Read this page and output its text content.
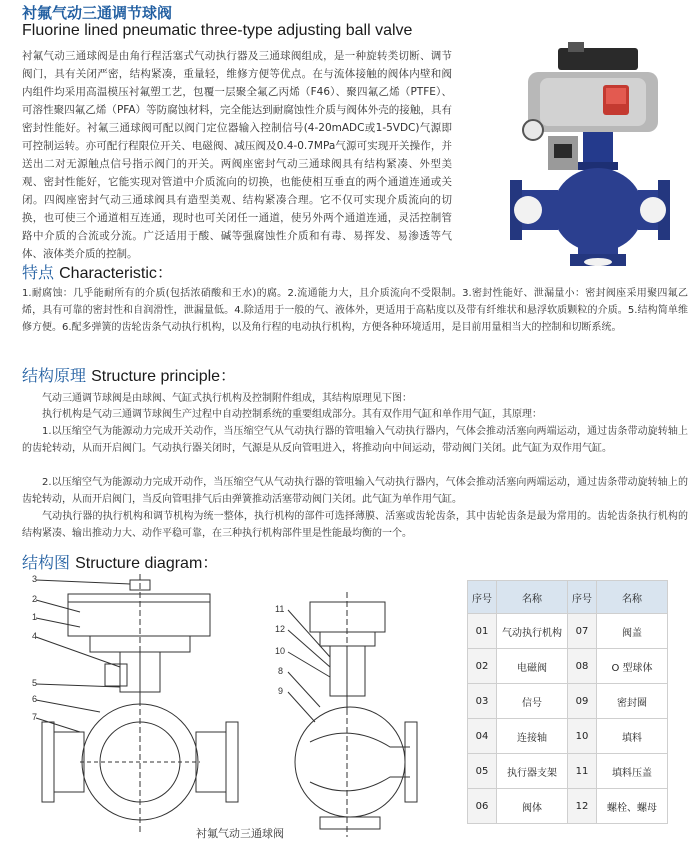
衬氟气动三通调节球阀
Fluorine lined pneumatic three-type adjusting ball valve
衬氟气动三通球阀是由角行程活塞式气动执行器及三通球阀组成，是一种旋转类切断、调节阀门，具有关闭严密，结构紧凑，重量轻，维修方便等优点。在与流体接触的阀体内壁和阀内组件均采用高温模压衬氟塑工艺，包覆一层聚全氟乙丙烯（F46）、聚四氟乙烯（PTFE）、可溶性聚四氟乙烯（PFA）等防腐蚀材料，完全能达到耐腐蚀性介质与阀体外壳的接触，具有密封性能好。衬氟三通球阀可配以阀门定位器输入控制信号(4-20mADC或1-5VDC)气源即可控制运转。亦可配行程限位开关、电磁阀、减压阀及0.4-0.7MPa气源可实现开关操作，并送出二对无源触点信号指示阀门的开关。两阀座密封气动三通球阀具有结构紧凑、外型美观、密封性能好，它能实现对管道中介质流向的切换，也能使相互垂直的两个通道连通或关闭。四阀座密封气动三通球阀具有造型美观、结构紧凑合理。它不仅可实现介质流向的切换，也可使三个通道相互连通，现时也可关闭任一通道，使另外两个通道连通，灵活控制管路中介质的合流或分流。广泛适用于酸、碱等强腐蚀性介质和有毒、易挥发、易渗透等气体、液体类介质的控制。
特点 Characteristic：
1.耐腐蚀：几乎能耐所有的介质(包括浓硝酸和王水)的腐。2.流通能力大，且介质流向不受限制。3.密封性能好、泄漏量小：密封阀座采用聚四氟乙烯，具有可靠的密封性和自润滑性，泄漏量低。4.除适用于一般的气、液体外，更适用于高粘度以及带有纤维状和悬浮软质颗粒的介质。5.结构简单维修方便。6.配多弹簧的齿轮齿条气动执行机构，以及角行程的电动执行机构，方便各种环境适用，是目前用量相当大的控制和切断系统。
结构原理 Structure principle：
气动三通调节球阀是由球阀、气缸式执行机构及控制附件组成，其结构原理见下图：
执行机构是气动三通调节球阀生产过程中自动控制系统的重要组成部分。其有双作用气缸和单作用气缸，其原理：
1.以压缩空气为能源动力完成开关动作，当压缩空气从气动执行器的管咀输入气动执行器内，气体会推动活塞向两端运动，通过齿条带动旋转轴上的齿轮转动，从而开启阀门。气动执行器关闭时，气源是从反向管咀进入，将推动向中间运动，带动阀门关闭。此气缸为双作用气缸。
2.以压缩空气为能源动力完成开动作，当压缩空气从气动执行器的管咀输入气动执行器内，气体会推动活塞向两端运动，通过齿条带动旋转轴上的齿轮转动，从而开启阀门，当反向管咀排气后由弹簧推动活塞带动阀门关闭。此气缸为单作用气缸。
气动执行器的执行机构和调节机构为统一整体，执行机构的部件可选择薄膜、活塞或齿轮齿条，其中齿轮齿条是最为常用的。齿轮齿条执行机构的结构紧凑、输出推动力大、动作平稳可靠，在三种执行机构部件里是性能最均衡的一个。
结构图 Structure diagram：
3
2
1
4
5
6
7
11
12
10
8
9
衬氟气动三通球阀
序号	名称	序号	名称
01	气动执行机构	07	阀盖
02	电磁阀	08	O 型球体
03	信号	09	密封圈
04	连接轴	10	填料
05	执行器支架	11	填料压盖
06	阀体	12	螺栓、螺母
